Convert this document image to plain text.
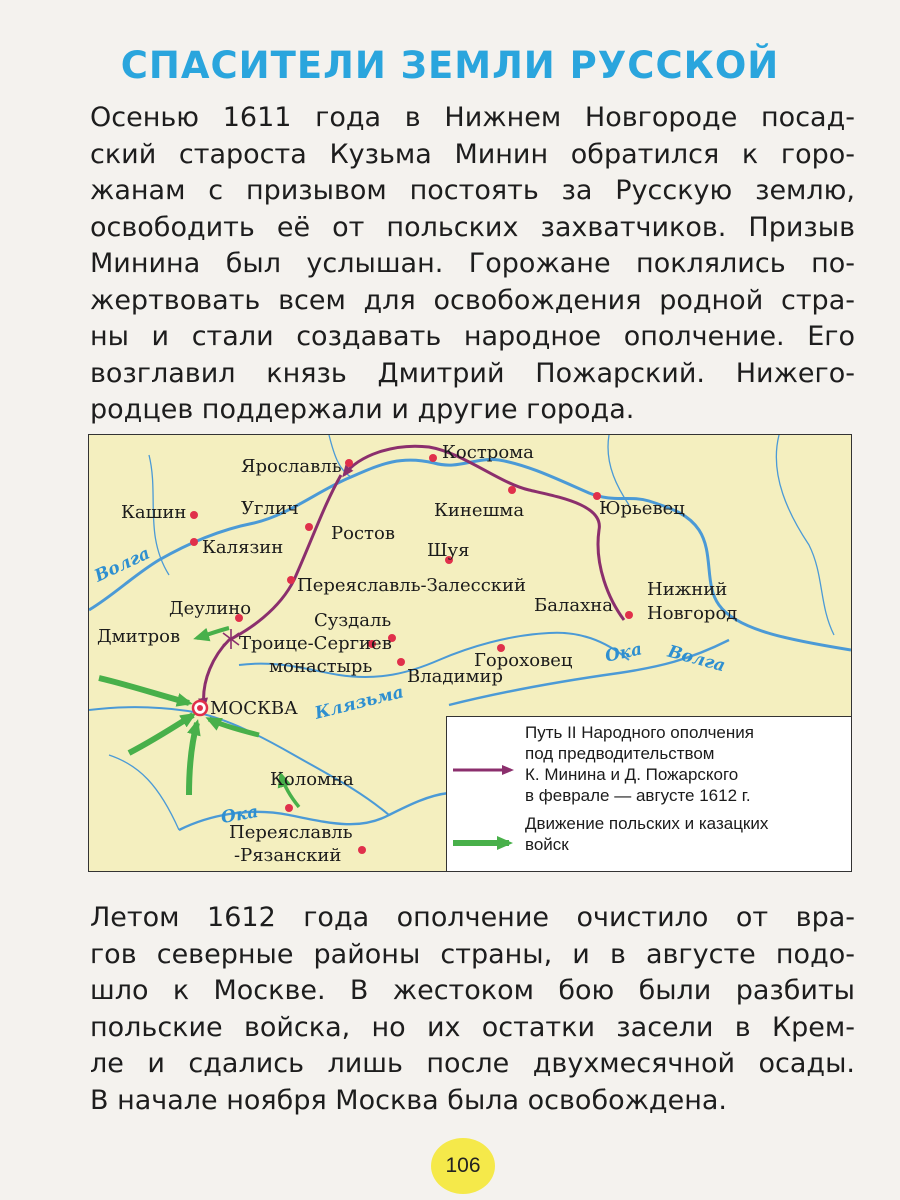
СПАСИТЕЛИ ЗЕМЛИ РУССКОЙ
Осенью 1611 года в Нижнем Новгороде посад-
ский староста Кузьма Минин обратился к горо-
жанам с призывом постоять за Русскую землю,
освободить её от польских захватчиков. Призыв
Минина был услышан. Горожане поклялись по-
жертвовать всем для освобождения родной стра-
ны и стали создавать народное ополчение. Его
возглавил князь Дмитрий Пожарский. Нижего-
родцев поддержали и другие города.
Кострома
Ярославль
Кинешма	Юрьевец
Кашин	Углич
Ростов
Калязин	Шуя
Переяславль-Залесский	Нижний
Новгород
Деулино	Балахна
Суздаль
Дмитров	Троице-Сергиев
монастырь	Гороховец
Владимир
МОСКВА
Коломна
Переяславль
-Рязанский
Волга
Ока Волга
Клязьма
Ока
Путь II Народного ополчения
под предводительством
К. Минина и Д. Пожарского
в феврале — августе 1612 г.
Движение польских и казацких
войск
Летом 1612 года ополчение очистило от вра-
гов северные районы страны, и в августе подо-
шло к Москве. В жестоком бою были разбиты
польские войска, но их остатки засели в Крем-
ле и сдались лишь после двухмесячной осады.
В начале ноября Москва была освобождена.
106
